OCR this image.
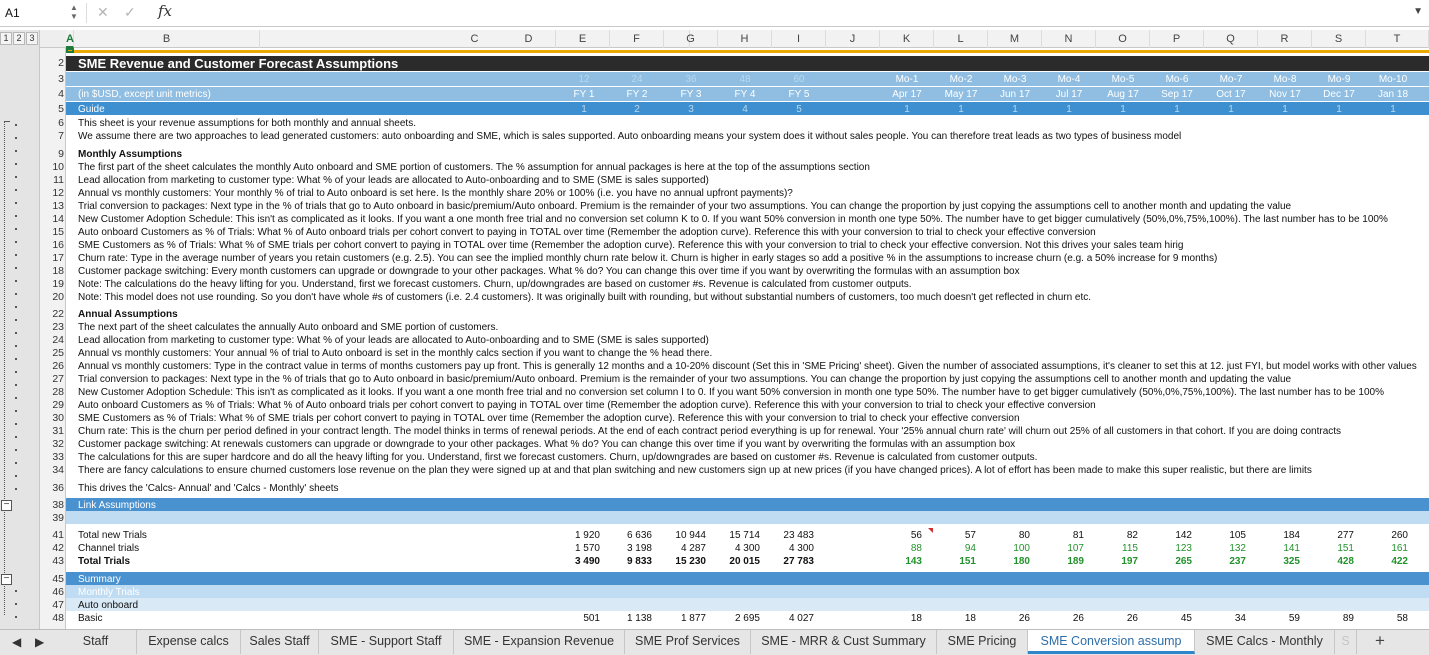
A1	▲
▼ ✕ ✓ fx	▼
1 2 3
−
−
A	B	C	D	E	F	G	H	I	J	K	L	M	N	O	P	Q	R	S	T
2
3
4
5
6
7
9
10
11
12
13
14
15
16
17
18
19
20
22
23
24
25
26
27
28
29
30
31
32
33
34
36
38
39
41
42
43
45
46
47
48
SME Revenue and Customer Forecast Assumptions
12	24	36	48	60	Mo-1	Mo-2	Mo-3	Mo-4	Mo-5	Mo-6	Mo-7	Mo-8	Mo-9	Mo-10
(in $USD, except unit metrics)	FY 1	FY 2	FY 3	FY 4	FY 5	Apr 17	May 17	Jun 17	Jul 17	Aug 17	Sep 17	Oct 17	Nov 17	Dec 17	Jan 18
Guide	1	2	3	4	5	1	1	1	1	1	1	1	1	1	1
This sheet is your revenue assumptions for both monthly and annual sheets.
We assume there are two approaches to lead generated customers: auto onboarding and SME, which is sales supported. Auto onboarding means your system does it without sales people. You can therefore treat leads as two types of business model
Monthly Assumptions
The first part of the sheet calculates the monthly Auto onboard and SME portion of customers. The % assumption for annual packages is here at the top of the assumptions section
Lead allocation from marketing to customer type: What % of your leads are allocated to Auto-onboarding and to SME (SME is sales supported)
Annual vs monthly customers: Your monthly % of trial to Auto onboard is set here. Is the monthly share 20% or 100% (i.e. you have no annual upfront payments)?
Trial conversion to packages: Next type in the % of trials that go to Auto onboard in basic/premium/Auto onboard. Premium is the remainder of your two assumptions. You can change the proportion by just copying the assumptions cell to another month and updating the value
New Customer Adoption Schedule: This isn't as complicated as it looks. If you want a one month free trial and no conversion set column K to 0. If you want 50% conversion in month one type 50%. The number have to get bigger cumulatively (50%,0%,75%,100%). The last number has to be 100%
Auto onboard Customers as % of Trials: What % of Auto onboard trials per cohort convert to paying in TOTAL over time (Remember the adoption curve). Reference this with your conversion to trial to check your effective conversion
SME Customers as % of Trials: What % of SME trials per cohort convert to paying in TOTAL over time (Remember the adoption curve). Reference this with your conversion to trial to check your effective conversion. Not this drives your sales team hirig
Churn rate: Type in the average number of years you retain customers (e.g. 2.5). You can see the implied monthly churn rate below it. Churn is higher in early stages so add a positive % in the assumptions to increase churn (e.g. a 50% increase for 9 months)
Customer package switching: Every month customers can upgrade or downgrade to your other packages. What % do? You can change this over time if you want by overwriting the formulas with an assumption box
Note: The calculations do the heavy lifting for you. Understand, first we forecast customers. Churn, up/downgrades are based on customer #s. Revenue is calculated from customer outputs.
Note: This model does not use rounding. So you don't have whole #s of customers (i.e. 2.4 customers). It was originally built with rounding, but without substantial numbers of customers, too much doesn't get reflected in churn etc.
Annual Assumptions
The next part of the sheet calculates the annually Auto onboard and SME portion of customers.
Lead allocation from marketing to customer type: What % of your leads are allocated to Auto-onboarding and to SME (SME is sales supported)
Annual vs monthly customers: Your annual % of trial to Auto onboard is set in the monthly calcs section if you want to change the % head there.
Annual vs monthly customers: Type in the contract value in terms of months customers pay up front. This is generally 12 months and a 10-20% discount (Set this in 'SME Pricing' sheet). Given the number of associated assumptions, it's cleaner to set this at 12. just FYI, but model works with other values
Trial conversion to packages: Next type in the % of trials that go to Auto onboard in basic/premium/Auto onboard. Premium is the remainder of your two assumptions. You can change the proportion by just copying the assumptions cell to another month and updating the value
New Customer Adoption Schedule: This isn't as complicated as it looks. If you want a one month free trial and no conversion set column I to 0. If you want 50% conversion in month one type 50%. The number have to get bigger cumulatively (50%,0%,75%,100%). The last number has to be 100%
Auto onboard Customers as % of Trials: What % of Auto onboard trials per cohort convert to paying in TOTAL over time (Remember the adoption curve). Reference this with your conversion to trial to check your effective conversion
SME Customers as % of Trials: What % of SME trials per cohort convert to paying in TOTAL over time (Remember the adoption curve). Reference this with your conversion to trial to check your effective conversion
Churn rate: This is the churn per period defined in your contract length. The model thinks in terms of renewal periods. At the end of each contract period everything is up for renewal. Your '25% annual churn rate' will churn out 25% of all customers in that cohort. If you are doing contracts
Customer package switching: At renewals customers can upgrade or downgrade to your other packages. What % do? You can change this over time if you want by overwriting the formulas with an assumption box
The calculations for this are super hardcore and do all the heavy lifting for you. Understand, first we forecast customers. Churn, up/downgrades are based on customer #s. Revenue is calculated from customer outputs.
There are fancy calculations to ensure churned customers lose revenue on the plan they were signed up at and that plan switching and new customers sign up at new prices (if you have changed prices). A lot of effort has been made to make this super realistic, but there are limits
This drives the 'Calcs- Annual' and 'Calcs - Monthly' sheets
Link Assumptions
Total new Trials	1 920	6 636	10 944	15 714	23 483	56	57	80	81	82	142	105	184	277	260
Channel trials	1 570	3 198	4 287	4 300	4 300	88	94	100	107	115	123	132	141	151	161
Total Trials	3 490	9 833	15 230	20 015	27 783	143	151	180	189	197	265	237	325	428	422
Summary
Monthly Trials
Auto onboard
Basic	501	1 138	1 877	2 695	4 027	18	18	26	26	26	45	34	59	89	58
◀ ▶	Staff	Expense calcs	Sales Staff	SME - Support Staff	SME - Expansion Revenue	SME Prof Services	SME - MRR & Cust Summary	SME Pricing	SME Conversion assump	SME Calcs - Monthly	S	+
